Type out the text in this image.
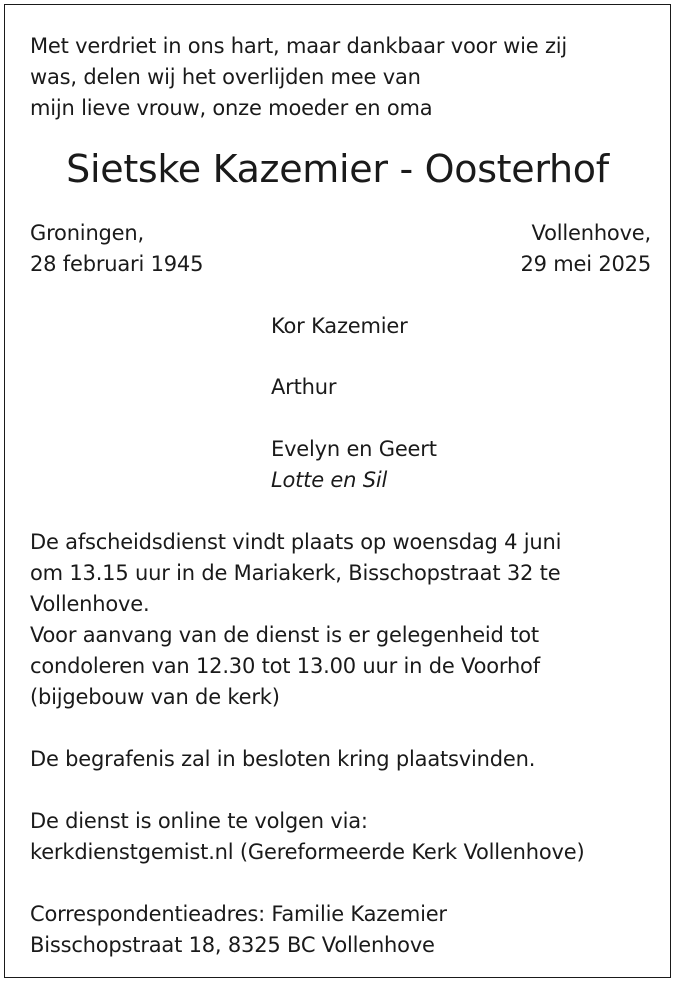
Met verdriet in ons hart, maar dankbaar voor wie zij
was, delen wij het overlijden mee van
mijn lieve vrouw, onze moeder en oma
Sietske Kazemier - Oosterhof
Groningen,
28 februari 1945
Vollenhove,
29 mei 2025
Kor Kazemier
Arthur
Evelyn en Geert
Lotte en Sil
De afscheidsdienst vindt plaats op woensdag 4 juni
om 13.15 uur in de Mariakerk, Bisschopstraat 32 te
Vollenhove.
Voor aanvang van de dienst is er gelegenheid tot
condoleren van 12.30 tot 13.00 uur in de Voorhof
(bijgebouw van de kerk)
De begrafenis zal in besloten kring plaatsvinden.
De dienst is online te volgen via:
kerkdienstgemist.nl (Gereformeerde Kerk Vollenhove)
Correspondentieadres: Familie Kazemier
Bisschopstraat 18, 8325 BC Vollenhove
